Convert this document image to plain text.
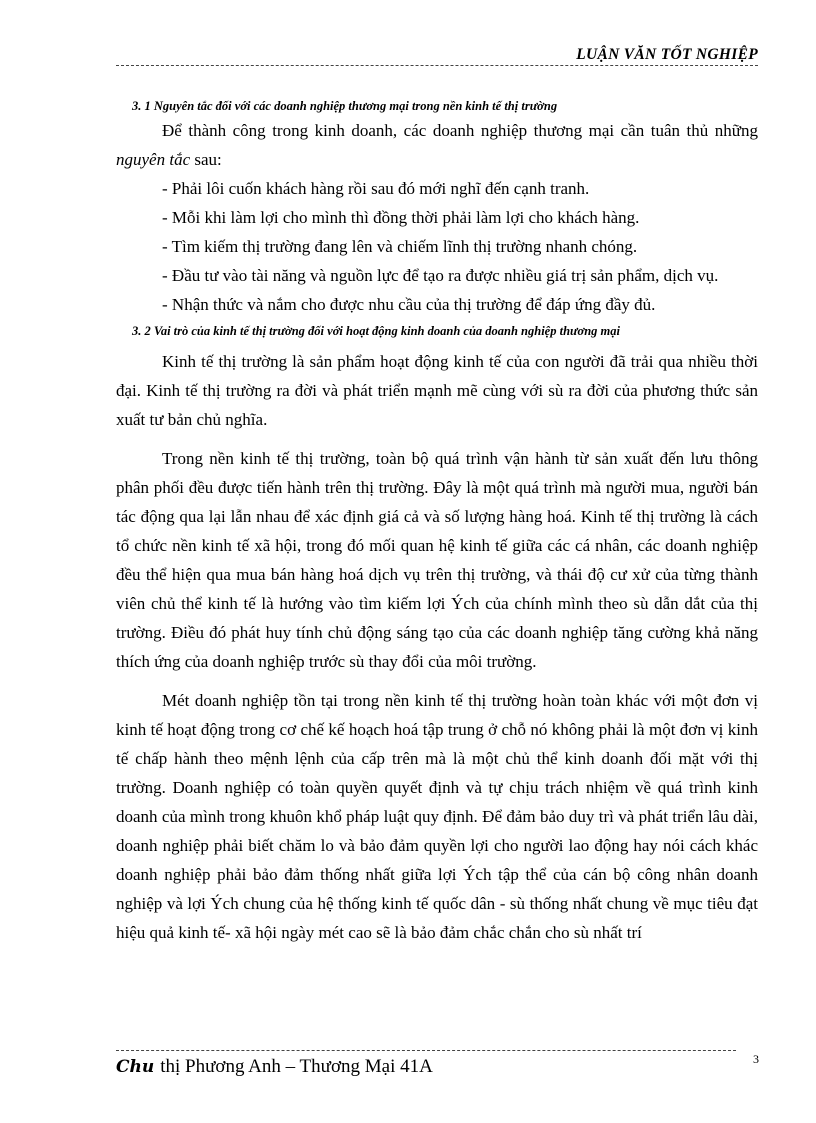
LUẬN VĂN TỐT NGHIỆP

3. 1 Nguyên tắc đối với các doanh nghiệp thương mại trong nền kinh tế thị trường

Để thành công trong kinh doanh, các doanh nghiệp thương mại cần tuân thủ những nguyên tắc sau:

- Phải lôi cuốn khách hàng rồi sau đó mới nghĩ đến cạnh tranh.

- Mỗi khi làm lợi cho mình thì đồng thời phải làm lợi cho khách hàng.

- Tìm kiếm thị trường đang lên và chiếm lĩnh thị trường nhanh chóng.

- Đầu tư vào tài năng và nguồn lực để tạo ra được nhiều giá trị sản phẩm, dịch vụ.

- Nhận thức và nắm cho được nhu cầu của thị trường để đáp ứng đầy đủ.

3. 2 Vai trò của kinh tế thị trường đối với hoạt động kinh doanh của doanh nghiệp thương mại

Kinh tế thị trường là sản phẩm hoạt động kinh tế của con người đã trải qua nhiều thời đại. Kinh tế thị trường ra đời và phát triển mạnh mẽ cùng với sù ra đời của phương thức sản xuất tư bản chủ nghĩa.

Trong nền kinh tế thị trường, toàn bộ quá trình vận hành từ sản xuất đến lưu thông phân phối đều được tiến hành trên thị trường. Đây là một quá trình mà người mua, người bán tác động qua lại lẫn nhau để xác định giá cả và số lượng hàng hoá. Kinh tế thị trường là cách tổ chức nền kinh tế xã hội, trong đó mối quan hệ kinh tế giữa các cá nhân, các doanh nghiệp đều thể hiện qua mua bán hàng hoá dịch vụ trên thị trường, và thái độ cư xử của từng thành viên chủ thể kinh tế là hướng vào tìm kiếm lợi Ých của chính mình theo sù dẫn dắt của thị trường. Điều đó phát huy tính chủ động sáng tạo của các doanh nghiệp tăng cường khả năng thích ứng của doanh nghiệp trước sù thay đổi của môi trường.

Mét doanh nghiệp tồn tại trong nền kinh tế thị trường hoàn toàn khác với một đơn vị kinh tế hoạt động trong cơ chế kế hoạch hoá tập trung ở chỗ nó không phải là một đơn vị kinh tế chấp hành theo mệnh lệnh của cấp trên mà là một chủ thể kinh doanh đối mặt với thị trường. Doanh nghiệp có toàn quyền quyết định và tự chịu trách nhiệm về quá trình kinh doanh của mình trong khuôn khổ pháp luật quy định. Để đảm bảo duy trì và phát triển lâu dài, doanh nghiệp phải biết chăm lo và bảo đảm quyền lợi cho người lao động hay nói cách khác doanh nghiệp phải bảo đảm thống nhất giữa lợi Ých tập thể của cán bộ công nhân doanh nghiệp và lợi Ých chung của hệ thống kinh tế quốc dân - sù thống nhất chung về mục tiêu đạt hiệu quả kinh tế- xã hội ngày mét cao sẽ là bảo đảm chắc chắn cho sù nhất trí

Chu thị Phương Anh – Thương Mại 41A	3
